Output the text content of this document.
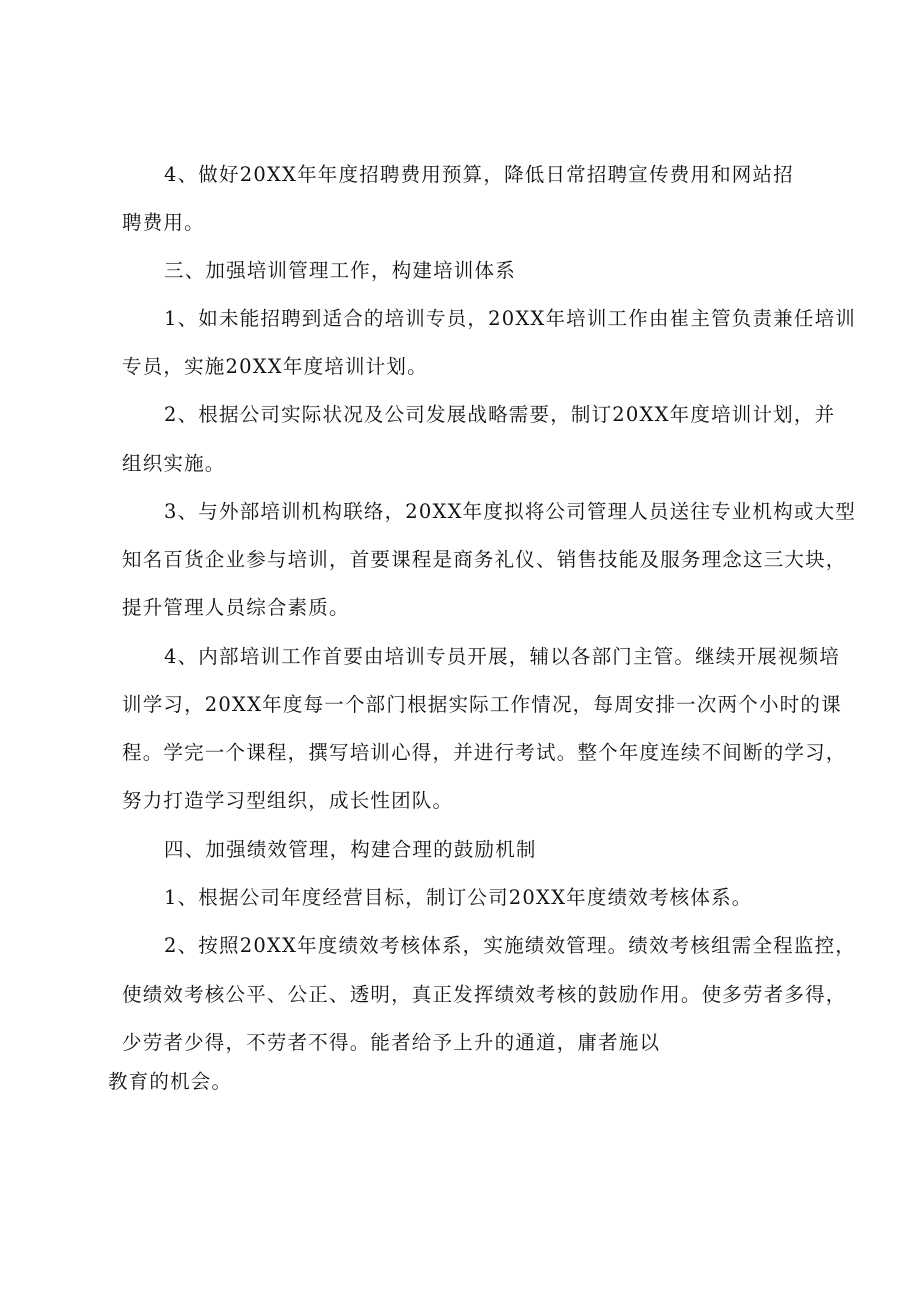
4、做好20XX年年度招聘费用预算，降低日常招聘宣传费用和网站招
聘费用。
三、加强培训管理工作，构建培训体系
1、如未能招聘到适合的培训专员，20XX年培训工作由崔主管负责兼任培训
专员，实施20XX年度培训计划。
2、根据公司实际状况及公司发展战略需要，制订20XX年度培训计划，并
组织实施。
3、与外部培训机构联络，20XX年度拟将公司管理人员送往专业机构或大型
知名百货企业参与培训，首要课程是商务礼仪、销售技能及服务理念这三大块，
提升管理人员综合素质。
4、内部培训工作首要由培训专员开展，辅以各部门主管。继续开展视频培
训学习，20XX年度每一个部门根据实际工作情况，每周安排一次两个小时的课
程。学完一个课程，撰写培训心得，并进行考试。整个年度连续不间断的学习，
努力打造学习型组织，成长性团队。
四、加强绩效管理，构建合理的鼓励机制
1、根据公司年度经营目标，制订公司20XX年度绩效考核体系。
2、按照20XX年度绩效考核体系，实施绩效管理。绩效考核组需全程监控，
使绩效考核公平、公正、透明，真正发挥绩效考核的鼓励作用。使多劳者多得，
少劳者少得，不劳者不得。能者给予上升的通道，庸者施以
教育的机会。
